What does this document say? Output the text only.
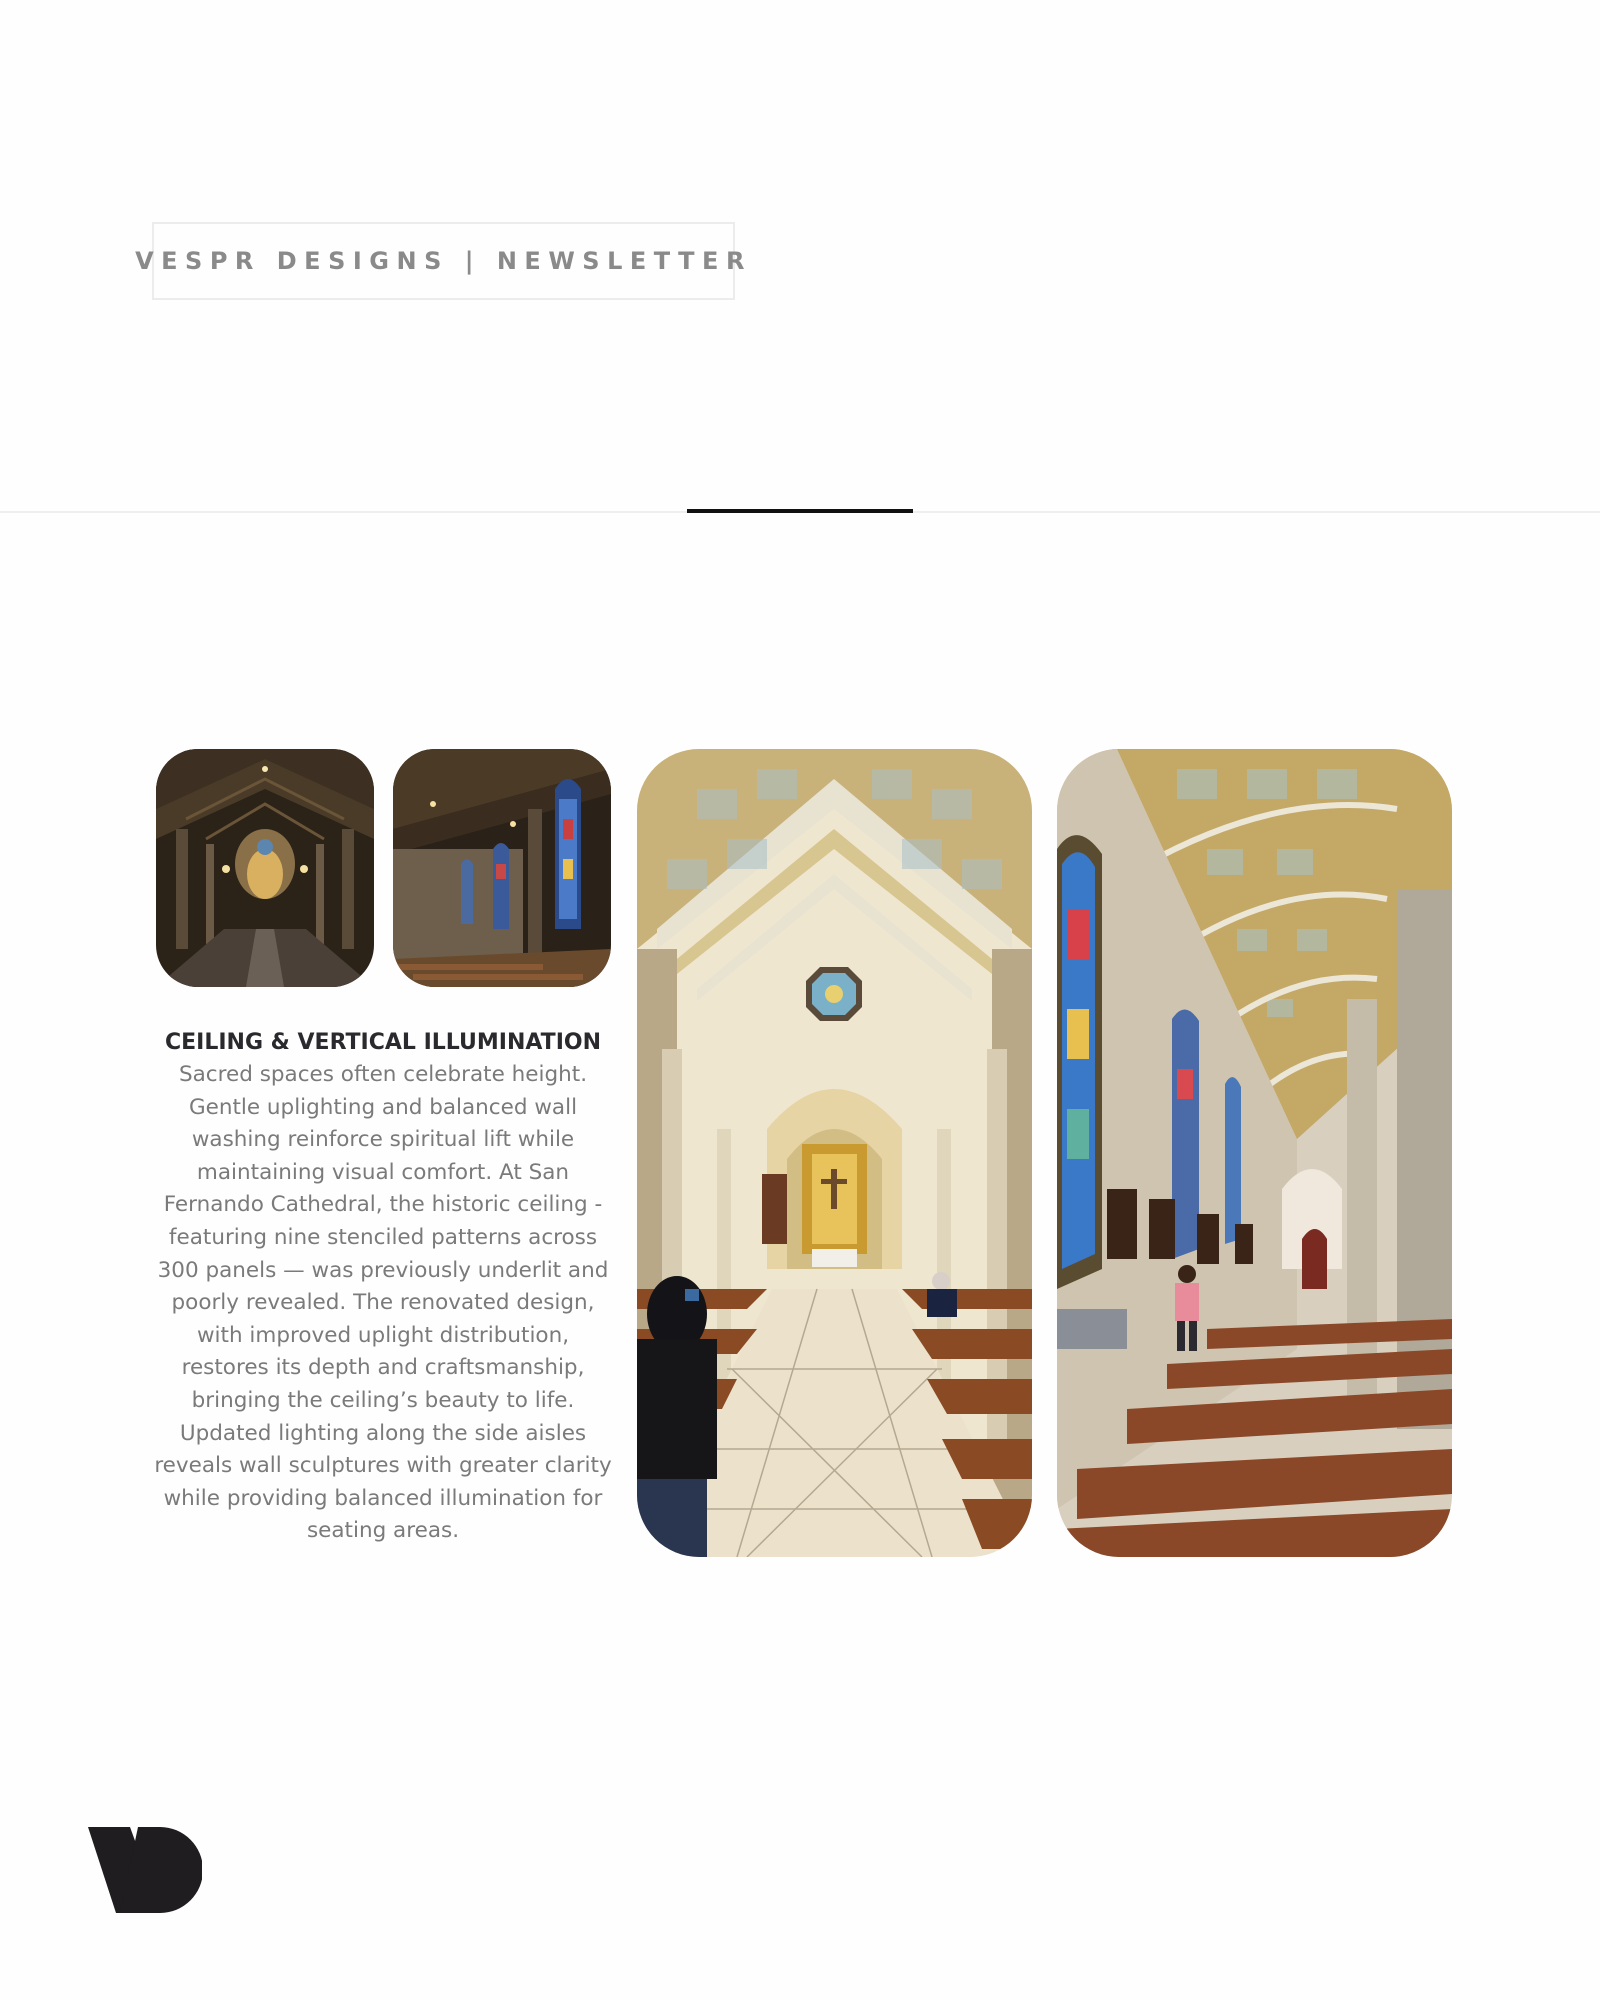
VESPR DESIGNS | NEWSLETTER
CEILING & VERTICAL ILLUMINATION

Sacred spaces often celebrate height. Gentle uplighting and balanced wall washing reinforce spiritual lift while maintaining visual comfort. At San Fernando Cathedral, the historic ceiling - featuring nine stenciled patterns across 300 panels — was previously underlit and poorly revealed. The renovated design, with improved uplight distribution, restores its depth and craftsmanship, bringing the ceiling’s beauty to life. Updated lighting along the side aisles reveals wall sculptures with greater clarity while providing balanced illumination for seating areas.
